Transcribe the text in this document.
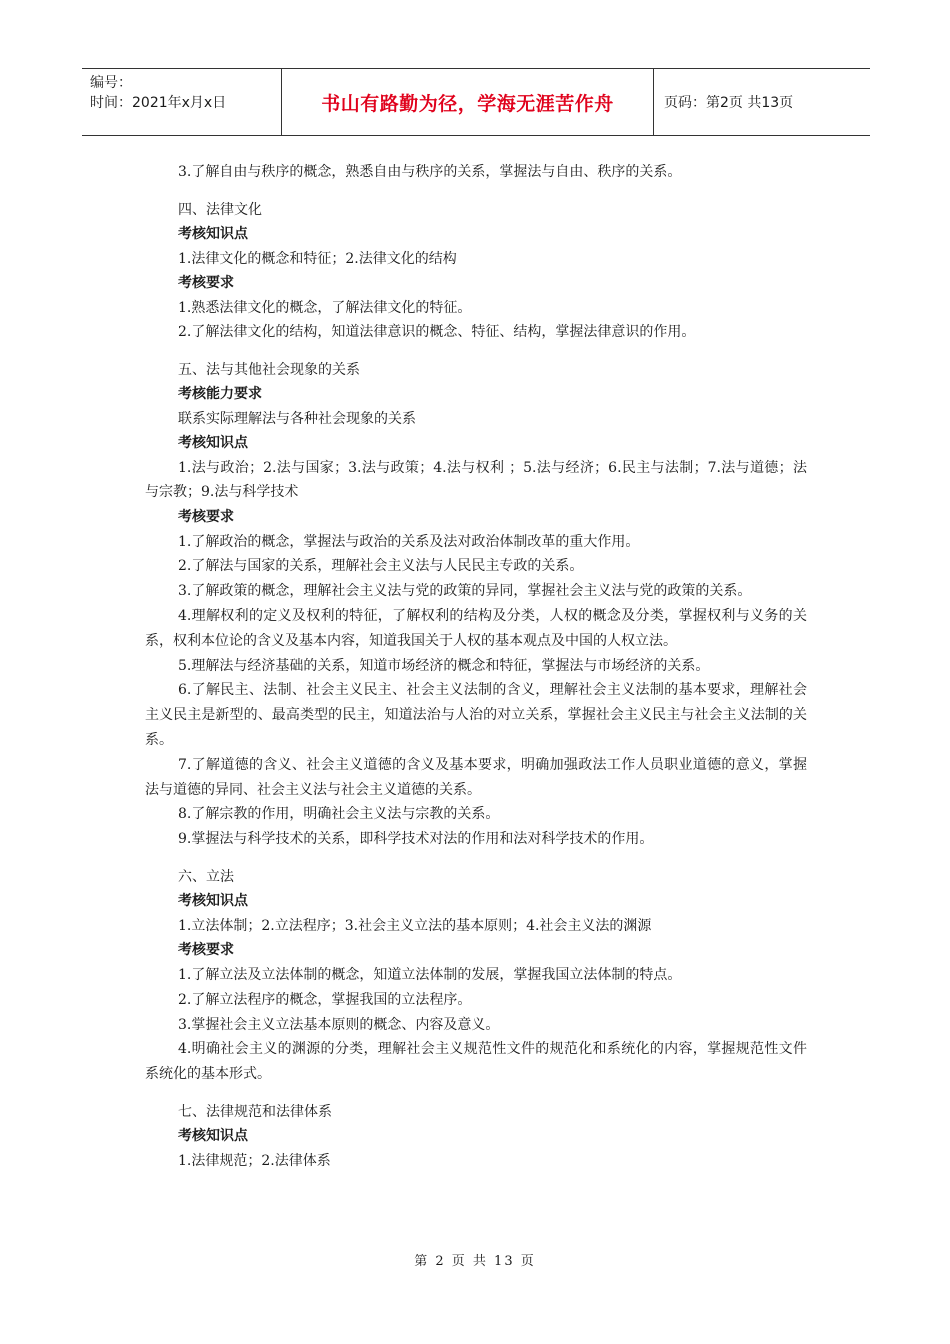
编号：
时间：2021年x月x日	书山有路勤为径，学海无涯苦作舟	页码：第2页 共13页
3.了解自由与秩序的概念，熟悉自由与秩序的关系，掌握法与自由、秩序的关系。
四、法律文化
考核知识点
1.法律文化的概念和特征；2.法律文化的结构
考核要求
1.熟悉法律文化的概念，了解法律文化的特征。
2.了解法律文化的结构，知道法律意识的概念、特征、结构，掌握法律意识的作用。
五、法与其他社会现象的关系
考核能力要求
联系实际理解法与各种社会现象的关系
考核知识点
1.法与政治；2.法与国家；3.法与政策；4.法与权利 ；5.法与经济；6.民主与法制；7.法与道德；法与宗教；9.法与科学技术
考核要求
1.了解政治的概念，掌握法与政治的关系及法对政治体制改革的重大作用。
2.了解法与国家的关系，理解社会主义法与人民民主专政的关系。
3.了解政策的概念，理解社会主义法与党的政策的异同，掌握社会主义法与党的政策的关系。
4.理解权利的定义及权利的特征，了解权利的结构及分类，人权的概念及分类，掌握权利与义务的关系，权利本位论的含义及基本内容，知道我国关于人权的基本观点及中国的人权立法。
5.理解法与经济基础的关系，知道市场经济的概念和特征，掌握法与市场经济的关系。
6.了解民主、法制、社会主义民主、社会主义法制的含义，理解社会主义法制的基本要求，理解社会主义民主是新型的、最高类型的民主，知道法治与人治的对立关系，掌握社会主义民主与社会主义法制的关系。
7.了解道德的含义、社会主义道德的含义及基本要求，明确加强政法工作人员职业道德的意义，掌握法与道德的异同、社会主义法与社会主义道德的关系。
8.了解宗教的作用，明确社会主义法与宗教的关系。
9.掌握法与科学技术的关系，即科学技术对法的作用和法对科学技术的作用。
六、立法
考核知识点
1.立法体制；2.立法程序；3.社会主义立法的基本原则；4.社会主义法的渊源
考核要求
1.了解立法及立法体制的概念，知道立法体制的发展，掌握我国立法体制的特点。
2.了解立法程序的概念，掌握我国的立法程序。
3.掌握社会主义立法基本原则的概念、内容及意义。
4.明确社会主义的渊源的分类，理解社会主义规范性文件的规范化和系统化的内容，掌握规范性文件系统化的基本形式。
七、法律规范和法律体系
考核知识点
1.法律规范；2.法律体系
第 2 页 共 13 页
